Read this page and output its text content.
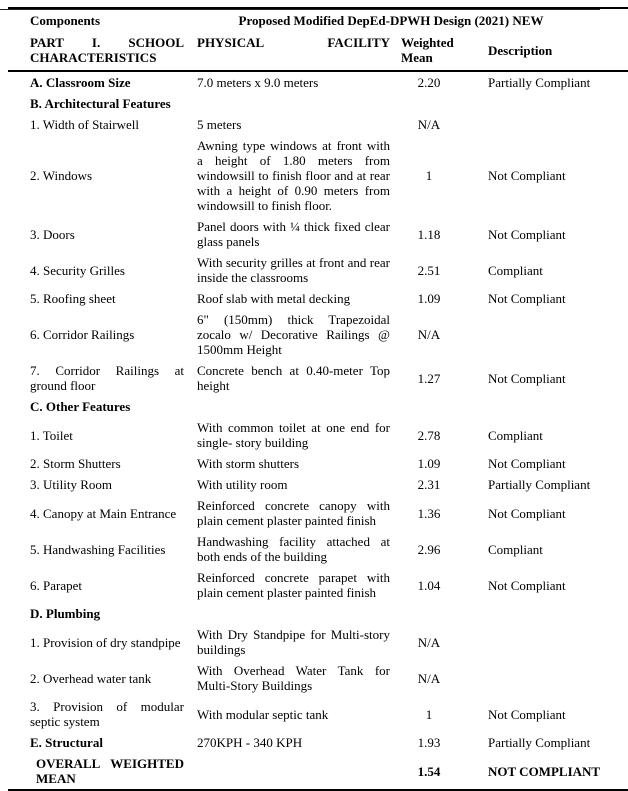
Components	Proposed Modified DepEd-DPWH Design (2021) NEW		
PART I. SCHOOL CHARACTERISTICS	PHYSICAL FACILITY	Weighted Mean	Description
A. Classroom Size	7.0 meters x 9.0 meters	2.20	Partially Compliant
B. Architectural Features			
1. Width of Stairwell	5 meters	N/A	
2. Windows	Awning type windows at front with a height of 1.80 meters from windowsill to finish floor and at rear with a height of 0.90 meters from windowsill to finish floor.	1	Not Compliant
3. Doors	Panel doors with ¼ thick fixed clear glass panels	1.18	Not Compliant
4. Security Grilles	With security grilles at front and rear inside the classrooms	2.51	Compliant
5. Roofing sheet	Roof slab with metal decking	1.09	Not Compliant
6. Corridor Railings	6" (150mm) thick Trapezoidal zocalo w/ Decorative Railings @ 1500mm Height	N/A	
7. Corridor Railings at ground floor	Concrete bench at 0.40-meter Top height	1.27	Not Compliant
C. Other Features			
1. Toilet	With common toilet at one end for single- story building	2.78	Compliant
2. Storm Shutters	With storm shutters	1.09	Not Compliant
3. Utility Room	With utility room	2.31	Partially Compliant
4. Canopy at Main Entrance	Reinforced concrete canopy with plain cement plaster painted finish	1.36	Not Compliant
5. Handwashing Facilities	Handwashing facility attached at both ends of the building	2.96	Compliant
6. Parapet	Reinforced concrete parapet with plain cement plaster painted finish	1.04	Not Compliant
D. Plumbing			
1. Provision of dry standpipe	With Dry Standpipe for Multi-story buildings	N/A	
2. Overhead water tank	With Overhead Water Tank for Multi-Story Buildings	N/A	
3. Provision of modular septic system	With modular septic tank	1	Not Compliant
E. Structural	270KPH - 340 KPH	1.93	Partially Compliant
OVERALL WEIGHTED MEAN		1.54	NOT COMPLIANT
